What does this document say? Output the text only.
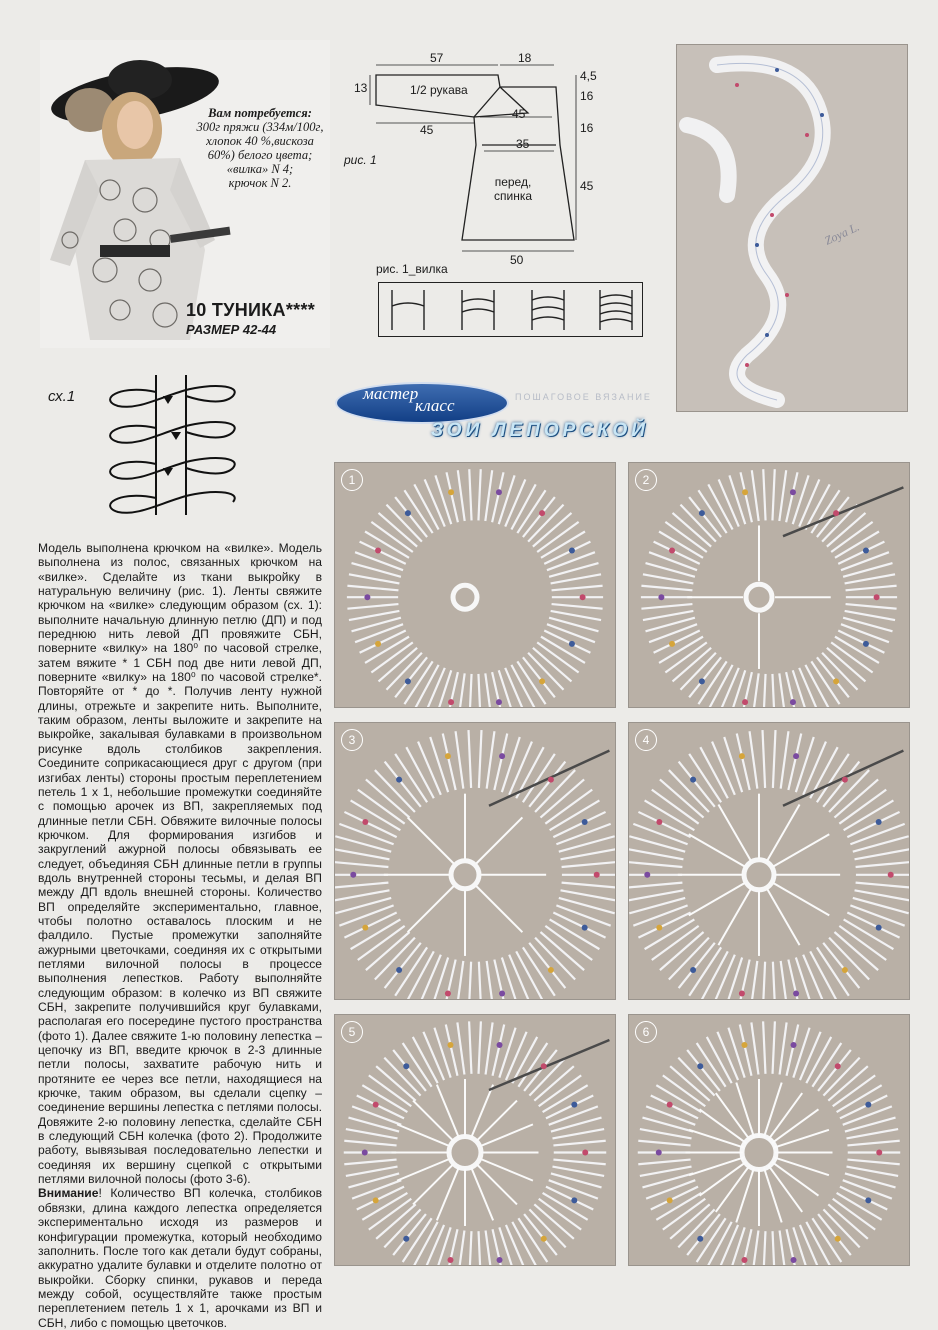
Вам потребуется:
300г пряжи (334м/100г,
хлопок 40 %,вискоза
60%) белого цвета;
«вилка» N 4;
крючок N 2.
10 ТУНИКА****
РАЗМЕР 42-44
57	18
13	1/2 рукава
45
45
35
рис. 1
перед,
спинка
50
4,5
16
16
45
рис. 1_вилка
Zoya L.
сх.1	мастер
класс	ПОШАГОВОЕ ВЯЗАНИЕ
ЗОИ ЛЕПОРСКОЙ
Модель выполнена крючком на «вилке». Модель выполнена из полос, связанных крючком на «вилке». Сделайте из ткани выкройку в натуральную величину (рис. 1). Ленты свяжите крючком на «вилке» следующим образом (сх. 1): выполните начальную длинную петлю (ДП) и под переднюю нить левой ДП провяжите СБН, поверните «вилку» на 180⁰ по часовой стрелке, затем вяжите * 1 СБН под две нити левой ДП, поверните «вилку» на 180⁰ по часовой стрелке*. Повторяйте от * до *. Получив ленту нужной длины, отрежьте и закрепите нить. Выполните, таким образом, ленты выложите и закрепите на выкройке, закалывая булавками в произвольном рисунке вдоль столбиков закрепления. Соедините соприкасающиеся друг с другом (при изгибах ленты) стороны простым переплетением петель 1 х 1, небольшие промежутки соединяйте с помощью арочек из ВП, закрепляемых под длинные петли СБН. Обвяжите вилочные полосы крючком. Для формирования изгибов и закруглений ажурной полосы обвязывать ее следует, объединяя СБН длинные петли в группы вдоль внутренней стороны тесьмы, и делая ВП между ДП вдоль внешней стороны. Количество ВП определяйте экспериментально, главное, чтобы полотно оставалось плоским и не фалдило. Пустые промежутки заполняйте ажурными цветочками, соединяя их с открытыми петлями вилочной полосы в процессе выполнения лепестков. Работу выполняйте следующим образом: в колечко из ВП свяжите СБН, закрепите получившийся круг булавками, располагая его посередине пустого пространства (фото 1). Далее свяжите 1-ю половину лепестка – цепочку из ВП, введите крючок в 2-3 длинные петли полосы, захватите рабочую нить и протяните ее через все петли, находящиеся на крючке, таким образом, вы сделали сцепку – соединение вершины лепестка с петлями полосы. Довяжите 2-ю половину лепестка, сделайте СБН в следующий СБН колечка (фото 2). Продолжите работу, вывязывая последовательно лепестки и соединяя их вершину сцепкой с открытыми петлями вилочной полосы (фото 3-6).
Внимание! Количество ВП колечка, столбиков обвязки, длина каждого лепестка определяется экспериментально исходя из размеров и конфигурации промежутка, который необходимо заполнить. После того как детали будут собраны, аккуратно удалите булавки и отделите полотно от выкройки. Сборку спинки, рукавов и переда между собой, осуществляйте также простым переплетением петель 1 х 1, арочками из ВП и СБН, либо с помощью цветочков.
1	2
3	4
5	6
